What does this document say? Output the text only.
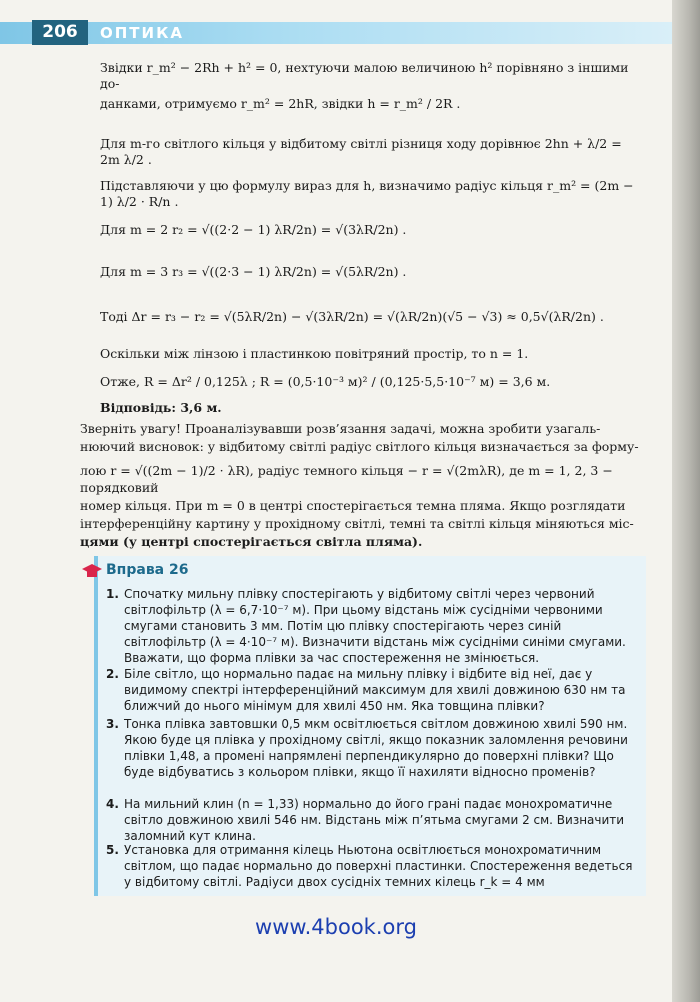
206	ОПТИКА
Звідки r_m² − 2Rh + h² = 0, нехтуючи малою величиною h² порівняно з іншими до-
данками, отримуємо r_m² = 2hR, звідки h = r_m² / 2R .
Для m-го світлого кільця у відбитому світлі різниця ходу дорівнює 2hn + λ/2 = 2m λ/2 .
Підставляючи у цю формулу вираз для h, визначимо радіус кільця r_m² = (2m − 1) λ/2 · R/n .
Для m = 2 r₂ = √((2·2 − 1) λR/2n) = √(3λR/2n) .
Для m = 3 r₃ = √((2·3 − 1) λR/2n) = √(5λR/2n) .
Тоді Δr = r₃ − r₂ = √(5λR/2n) − √(3λR/2n) = √(λR/2n)(√5 − √3) ≈ 0,5√(λR/2n) .
Оскільки між лінзою і пластинкою повітряний простір, то n = 1.
Отже, R = Δr² / 0,125λ ; R = (0,5·10⁻³ м)² / (0,125·5,5·10⁻⁷ м) = 3,6 м.
Відповідь: 3,6 м.
Зверніть увагу! Проаналізувавши розв’язання задачі, можна зробити узагаль-
нюючий висновок: у відбитому світлі радіус світлого кільця визначається за форму-
лою r = √((2m − 1)/2 · λR), радіус темного кільця − r = √(2mλR), де m = 1, 2, 3 − порядковий
номер кільця. При m = 0 в центрі спостерігається темна пляма. Якщо розглядати
інтерференційну картину у прохідному світлі, темні та світлі кільця міняються міс-
цями (у центрі спостерігається світла пляма).
Вправа 26
1. Спочатку мильну плівку спостерігають у відбитому світлі через червоний світлофільтр (λ = 6,7·10⁻⁷ м). При цьому відстань між сусідніми червоними смугами становить 3 мм. Потім цю плівку спостерігають через синій світлофільтр (λ = 4·10⁻⁷ м). Визначити відстань між сусідніми синіми смугами. Вважати, що форма плівки за час спостереження не змінюється.
2. Біле світло, що нормально падає на мильну плівку і відбите від неї, дає у видимому спектрі інтерференційний максимум для хвилі довжиною 630 нм та ближчий до нього мінімум для хвилі 450 нм. Яка товщина плівки?
3. Тонка плівка завтовшки 0,5 мкм освітлюється світлом довжиною хвилі 590 нм. Якою буде ця плівка у прохідному світлі, якщо показник заломлення речовини плівки 1,48, а промені напрямлені перпендикулярно до поверхні плівки? Що буде відбуватись з кольором плівки, якщо її нахиляти відносно променів?
4. На мильний клин (n = 1,33) нормально до його грані падає монохроматичне світло довжиною хвилі 546 нм. Відстань між п’ятьма смугами 2 см. Визначити заломний кут клина.
5. Установка для отримання кілець Ньютона освітлюється монохроматичним світлом, що падає нормально до поверхні пластинки. Спостереження ведеться у відбитому світлі. Радіуси двох сусідніх темних кілець r_k = 4 мм
www.4book.org
